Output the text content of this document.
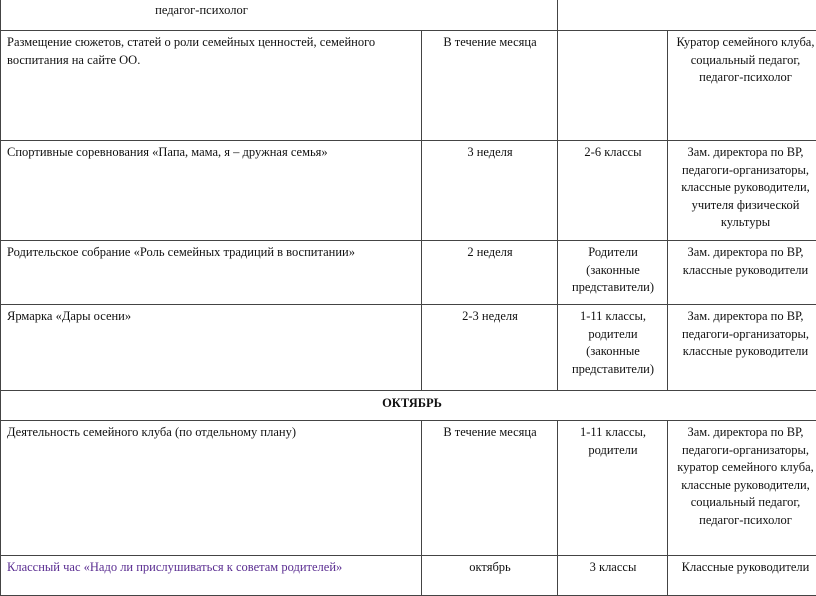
педагог-психолог			
Размещение сюжетов, статей о роли семейных ценностей, семейного воспитания на сайте ОО.	В течение месяца		Куратор семейного клуба, социальный педагог, педагог-психолог
Спортивные соревнования «Папа, мама, я – дружная семья»	3 неделя	2-6 классы	Зам. директора по ВР, педагоги-организаторы, классные руководители, учителя физической культуры
Родительское собрание «Роль семейных традиций в воспитании»	2 неделя	Родители (законные представители)	Зам. директора по ВР, классные руководители
Ярмарка «Дары осени»	2-3 неделя	1-11 классы, родители (законные представители)	Зам. директора по ВР, педагоги-организаторы, классные руководители
ОКТЯБРЬ			
Деятельность семейного клуба (по отдельному плану)	В течение месяца	1-11 классы, родители	Зам. директора по ВР, педагоги-организаторы, куратор семейного клуба, классные руководители, социальный педагог, педагог-психолог
Классный час «Надо ли прислушиваться к советам родителей»	октябрь	3 классы	Классные руководители
